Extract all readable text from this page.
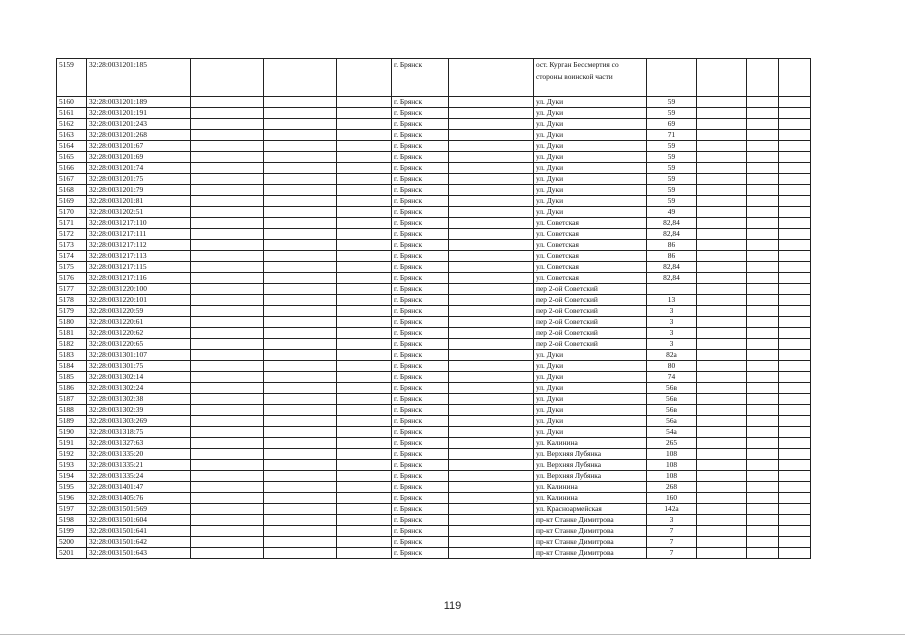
5159	32:28:0031201:185				г. Брянск		ост. Курган Бессмертия со стороны воинской части				
5160	32:28:0031201:189				г. Брянск		ул. Дуки	59			
5161	32:28:0031201:191				г. Брянск		ул. Дуки	59			
5162	32:28:0031201:243				г. Брянск		ул. Дуки	69			
5163	32:28:0031201:268				г. Брянск		ул. Дуки	71			
5164	32:28:0031201:67				г. Брянск		ул. Дуки	59			
5165	32:28:0031201:69				г. Брянск		ул. Дуки	59			
5166	32:28:0031201:74				г. Брянск		ул. Дуки	59			
5167	32:28:0031201:75				г. Брянск		ул. Дуки	59			
5168	32:28:0031201:79				г. Брянск		ул. Дуки	59			
5169	32:28:0031201:81				г. Брянск		ул. Дуки	59			
5170	32:28:0031202:51				г. Брянск		ул. Дуки	49			
5171	32:28:0031217:110				г. Брянск		ул. Советская	82,84			
5172	32:28:0031217:111				г. Брянск		ул. Советская	82,84			
5173	32:28:0031217:112				г. Брянск		ул. Советская	86			
5174	32:28:0031217:113				г. Брянск		ул. Советская	86			
5175	32:28:0031217:115				г. Брянск		ул. Советская	82,84			
5176	32:28:0031217:116				г. Брянск		ул. Советская	82,84			
5177	32:28:0031220:100				г. Брянск		пер 2-ой Советский				
5178	32:28:0031220:101				г. Брянск		пер 2-ой Советский	13			
5179	32:28:0031220:59				г. Брянск		пер 2-ой Советский	3			
5180	32:28:0031220:61				г. Брянск		пер 2-ой Советский	3			
5181	32:28:0031220:62				г. Брянск		пер 2-ой Советский	3			
5182	32:28:0031220:65				г. Брянск		пер 2-ой Советский	3			
5183	32:28:0031301:107				г. Брянск		ул. Дуки	82а			
5184	32:28:0031301:75				г. Брянск		ул. Дуки	80			
5185	32:28:0031302:14				г. Брянск		ул. Дуки	74			
5186	32:28:0031302:24				г. Брянск		ул. Дуки	56в			
5187	32:28:0031302:38				г. Брянск		ул. Дуки	56в			
5188	32:28:0031302:39				г. Брянск		ул. Дуки	56в			
5189	32:28:0031303:269				г. Брянск		ул. Дуки	56а			
5190	32:28:0031318:75				г. Брянск		ул. Дуки	54а			
5191	32:28:0031327:63				г. Брянск		ул. Калинина	265			
5192	32:28:0031335:20				г. Брянск		ул. Верхняя Лубянка	108			
5193	32:28:0031335:21				г. Брянск		ул. Верхняя Лубянка	108			
5194	32:28:0031335:24				г. Брянск		ул. Верхняя Лубянка	108			
5195	32:28:0031401:47				г. Брянск		ул. Калинина	268			
5196	32:28:0031405:76				г. Брянск		ул. Калинина	160			
5197	32:28:0031501:569				г. Брянск		ул. Красноармейская	142а			
5198	32:28:0031501:604				г. Брянск		пр-кт Станке Димитрова	3			
5199	32:28:0031501:641				г. Брянск		пр-кт Станке Димитрова	7			
5200	32:28:0031501:642				г. Брянск		пр-кт Станке Димитрова	7			
5201	32:28:0031501:643				г. Брянск		пр-кт Станке Димитрова	7			
119
